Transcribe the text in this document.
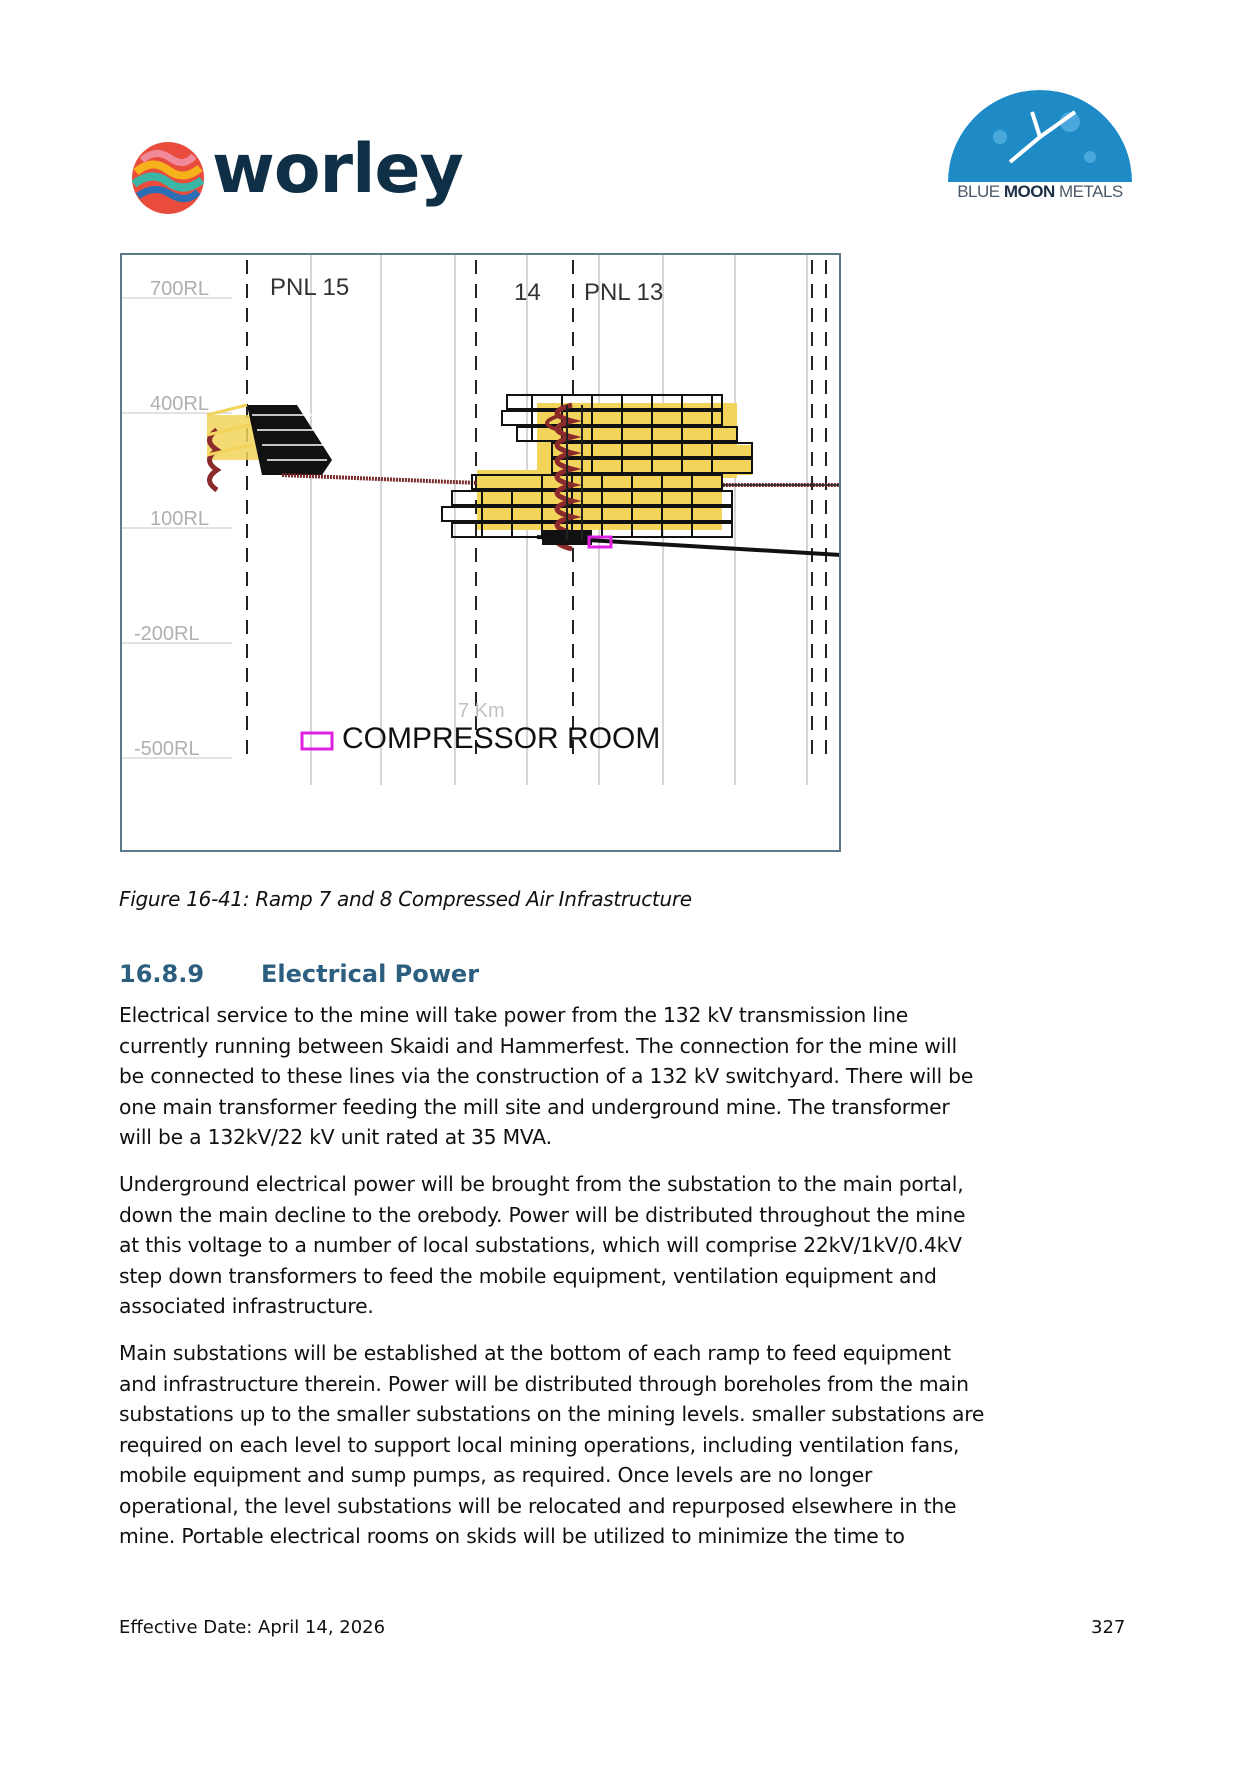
worley	BLUE MOON METALS
700RL
400RL
100RL
-200RL
-500RL
PNL 15	14 PNL 13
7 Km
COMPRESSOR ROOM
Figure 16-41: Ramp 7 and 8 Compressed Air Infrastructure
16.8.9 Electrical Power
Electrical service to the mine will take power from the 132 kV transmission line
currently running between Skaidi and Hammerfest. The connection for the mine will
be connected to these lines via the construction of a 132 kV switchyard. There will be
one main transformer feeding the mill site and underground mine. The transformer
will be a 132kV/22 kV unit rated at 35 MVA.
Underground electrical power will be brought from the substation to the main portal,
down the main decline to the orebody. Power will be distributed throughout the mine
at this voltage to a number of local substations, which will comprise 22kV/1kV/0.4kV
step down transformers to feed the mobile equipment, ventilation equipment and
associated infrastructure.
Main substations will be established at the bottom of each ramp to feed equipment
and infrastructure therein. Power will be distributed through boreholes from the main
substations up to the smaller substations on the mining levels. smaller substations are
required on each level to support local mining operations, including ventilation fans,
mobile equipment and sump pumps, as required. Once levels are no longer
operational, the level substations will be relocated and repurposed elsewhere in the
mine. Portable electrical rooms on skids will be utilized to minimize the time to
Effective Date: April 14, 2026	327
